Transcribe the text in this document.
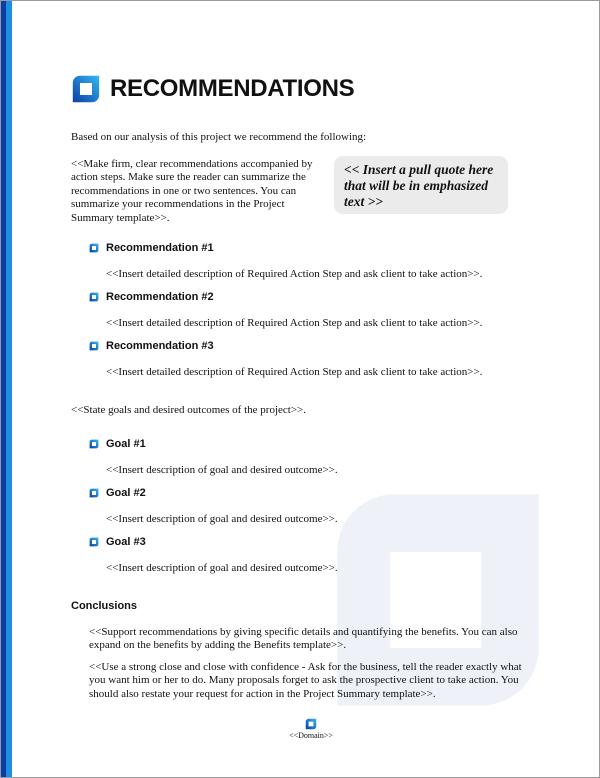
RECOMMENDATIONS
Based on our analysis of this project we recommend the following:
<<Make firm, clear recommendations accompanied by action steps. Make sure the reader can summarize the recommendations in one or two sentences. You can summarize your recommendations in the Project Summary template>>.
<< Insert a pull quote here that will be in emphasized text >>
Recommendation #1
<<Insert detailed description of Required Action Step and ask client to take action>>.
Recommendation #2
<<Insert detailed description of Required Action Step and ask client to take action>>.
Recommendation #3
<<Insert detailed description of Required Action Step and ask client to take action>>.
<<State goals and desired outcomes of the project>>.
Goal #1
<<Insert description of goal and desired outcome>>.
Goal #2
<<Insert description of goal and desired outcome>>.
Goal #3
<<Insert description of goal and desired outcome>>.
Conclusions
<<Support recommendations by giving specific details and quantifying the benefits. You can also expand on the benefits by adding the Benefits template>>.
<<Use a strong close and close with confidence - Ask for the business, tell the reader exactly what you want him or her to do. Many proposals forget to ask the prospective client to take action. You should also restate your request for action in the Project Summary template>>.
<<Domain>>
